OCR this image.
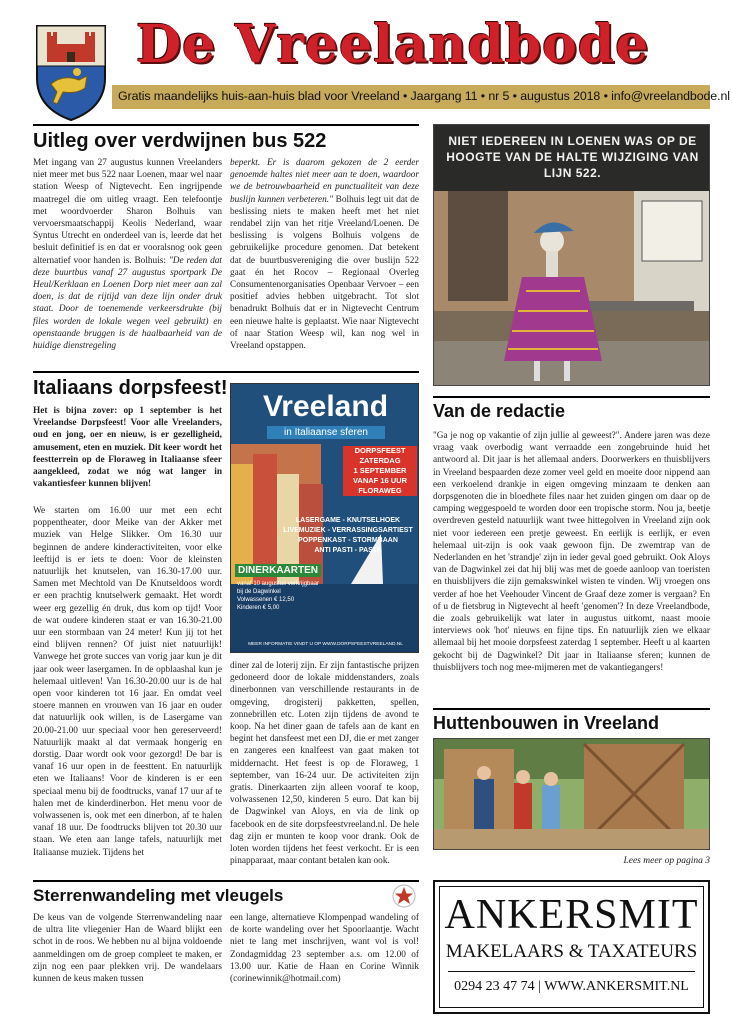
De Vreelandbode
Gratis maandelijks huis-aan-huis blad voor Vreeland • Jaargang 11 • nr 5 • augustus 2018 • info@vreelandbode.nl
Uitleg over verdwijnen bus 522

Met ingang van 27 augustus kunnen Vreelanders niet meer met bus 522 naar Loenen, maar wel naar station Weesp of Nigtevecht. Een ingrijpende maatregel die om uitleg vraagt. Een telefoontje met woordvoerder Sharon Bolhuis van vervoersmaatschappij Keolis Nederland, waar Syntus Utrecht en onderdeel van is, leerde dat het besluit definitief is en dat er vooralsnog ook geen alternatief voor handen is. Bolhuis: "De reden dat deze buurtbus vanaf 27 augustus sportpark De Heul/Kerklaan en Loenen Dorp niet meer aan zal doen, is dat de rijtijd van deze lijn onder druk staat. Door de toenemende verkeersdrukte (bij files worden de lokale wegen veel gebruikt) en openstaande bruggen is de haalbaarheid van de huidige dienstregeling

beperkt. Er is daarom gekozen de 2 eerder genoemde haltes niet meer aan te doen, waardoor we de betrouwbaarheid en punctualiteit van deze buslijn kunnen verbeteren." Bolhuis legt uit dat de beslissing niets te maken heeft met het niet rendabel zijn van het ritje Vreeland/Loenen. De beslissing is volgens Bolhuis volgens de gebruikelijke procedure genomen. Dat betekent dat de buurtbusvereniging die over buslijn 522 gaat én het Rocov – Regionaal Overleg Consumentenorganisaties Openbaar Vervoer – een positief advies hebben uitgebracht. Tot slot benadrukt Bolhuis dat er in Nigtevecht Centrum een nieuwe halte is geplaatst. Wie naar Nigtevecht of naar Station Weesp wil, kan nog wel in Vreeland opstappen.

NIET IEDEREEN IN LOENEN WAS OP DE HOOGTE VAN DE HALTE WIJZIGING VAN LIJN 522.
Italiaans dorpsfeest!
Het is bijna zover: op 1 september is het Vreelandse Dorpsfeest! Voor alle Vreelanders, oud en jong, oer en nieuw, is er gezelligheid, amusement, eten en muziek. Dit keer wordt het feestterrein op de Floraweg in Italiaanse sfeer aangekleed, zodat we nóg wat langer in vakantiesfeer kunnen blijven!
We starten om 16.00 uur met een echt poppentheater, door Meike van der Akker met muziek van Helge Slikker. Om 16.30 uur beginnen de andere kinderactiviteiten, voor elke leeftijd is er iets te doen: Voor de kleinsten natuurlijk het knutselen, van 16.30-17.00 uur. Samen met Mechtold van De Knutseldoos wordt er een prachtig knutselwerk gemaakt. Het wordt weer erg gezellig én druk, dus kom op tijd! Voor de wat oudere kinderen staat er van 16.30-21.00 uur een stormbaan van 24 meter! Kun jij tot het eind blijven rennen? Of juist niet natuurlijk! Vanwege het grote succes van vorig jaar kun je dit jaar ook weer lasergamen. In de opblaashal kun je helemaal uitleven! Van 16.30-20.00 uur is de hal open voor kinderen tot 16 jaar. En omdat veel stoere mannen en vrouwen van 16 jaar en ouder dat natuurlijk ook willen, is de Lasergame van 20.00-21.00 uur speciaal voor hen gereserveerd! Natuurlijk maakt al dat vermaak hongerig en dorstig. Daar wordt ook voor gezorgd! De bar is vanaf 16 uur open in de feesttent. En natuurlijk eten we Italiaans! Voor de kinderen is er een speciaal menu bij de foodtrucks, vanaf 17 uur af te halen met de kinderdinerbon. Het menu voor de volwassenen is, ook met een dinerbon, af te halen vanaf 18 uur. De foodtrucks blijven tot 20.30 uur staan. We eten aan lange tafels, natuurlijk met Italiaanse muziek. Tijdens het
diner zal de loterij zijn. Er zijn fantastische prijzen gedoneerd door de lokale middenstanders, zoals dinerbonnen van verschillende restaurants in de omgeving, drogisterij pakketten, spellen, zonnebrillen etc. Loten zijn tijdens de avond te koop. Na het diner gaan de tafels aan de kant en begint het dansfeest met een DJ, die er met zanger en zangeres een knalfeest van gaat maken tot middernacht. Het feest is op de Floraweg, 1 september, van 16-24 uur. De activiteiten zijn gratis. Dinerkaarten zijn alleen vooraf te koop, volwassenen 12,50, kinderen 5 euro. Dat kan bij de Dagwinkel van Aloys, en via de link op facebook en de site dorpsfeestvreeland.nl. De hele dag zijn er munten te koop voor drank. Ook de loten worden tijdens het feest verkocht. Er is een pinapparaat, maar contant betalen kan ook.
Vreeland
in Italiaanse sferen
DORPSFEEST
ZATERDAG
1 SEPTEMBER
VANAF 16 UUR
FLORAWEG
LASERGAME - KNUTSELHOEK
LIVEMUZIEK - VERRASSINGSARTIEST
POPPENKAST - STORMBAAN
ANTI PASTI - PASTA
DINERKAARTEN
vanaf 10 augustus verkrijgbaar
bij de Dagwinkel
Volwassenen € 12,50
Kinderen € 5,00
MEER INFORMATIE VINDT U OP WWW.DORPSFEESTVREELAND.NL
Van de redactie
"Ga je nog op vakantie of zijn jullie al geweest?". Andere jaren was deze vraag vaak overbodig want verraadde een zongebruinde huid het antwoord al. Dit jaar is het allemaal anders. Doorwerkers en thuisblijvers in Vreeland bespaarden deze zomer veel geld en moeite door nippend aan een verkoelend drankje in eigen omgeving minzaam te denken aan dorpsgenoten die in bloedhete files naar het zuiden gingen om daar op de camping weggespoeld te worden door een tropische storm. Nou ja, beetje overdreven gesteld natuurlijk want twee hittegolven in Vreeland zijn ook niet voor iedereen een pretje geweest. En eerlijk is eerlijk, er even helemaal uit-zijn is ook vaak gewoon fijn. De zwemtrap van de Nederlanden en het 'strandje' zijn in ieder geval goed gebruikt. Ook Aloys van de Dagwinkel zei dat hij blij was met de goede aanloop van toeristen en thuisblijvers die zijn gemakswinkel wisten te vinden. Wij vroegen ons verder af hoe het Veehouder Vincent de Graaf deze zomer is vergaan? En of u de fietsbrug in Nigtevecht al heeft 'genomen'? In deze Vreelandbode, die zoals gebruikelijk wat later in augustus uitkomt, naast mooie interviews ook 'hot' nieuws en fijne tips. En natuurlijk zien we elkaar allemaal bij het mooie dorpsfeest zaterdag 1 september. Heeft u al kaarten gekocht bij de Dagwinkel? Dit jaar in Italiaanse sferen; kunnen de thuisblijvers toch nog mee-mijmeren met de vakantiegangers!
Huttenbouwen in Vreeland
Lees meer op pagina 3
Sterrenwandeling met vleugels
De keus van de volgende Sterrenwandeling naar de ultra lite vliegenier Han de Waard blijkt een schot in de roos. We hebben nu al bijna voldoende aanmeldingen om de groep compleet te maken, er zijn nog een paar plekken vrij. De wandelaars kunnen de keus maken tussen
een lange, alternatieve Klompenpad wandeling of de korte wandeling over het Spoorlaantje. Wacht niet te lang met inschrijven, want vol is vol! Zondagmiddag 23 september a.s. om 12.00 of 13.00 uur. Katie de Haan en Corine Winnik (corinewinnik@hotmail.com)
ANKERSMIT
MAKELAARS & TAXATEURS
0294 23 47 74 | WWW.ANKERSMIT.NL
